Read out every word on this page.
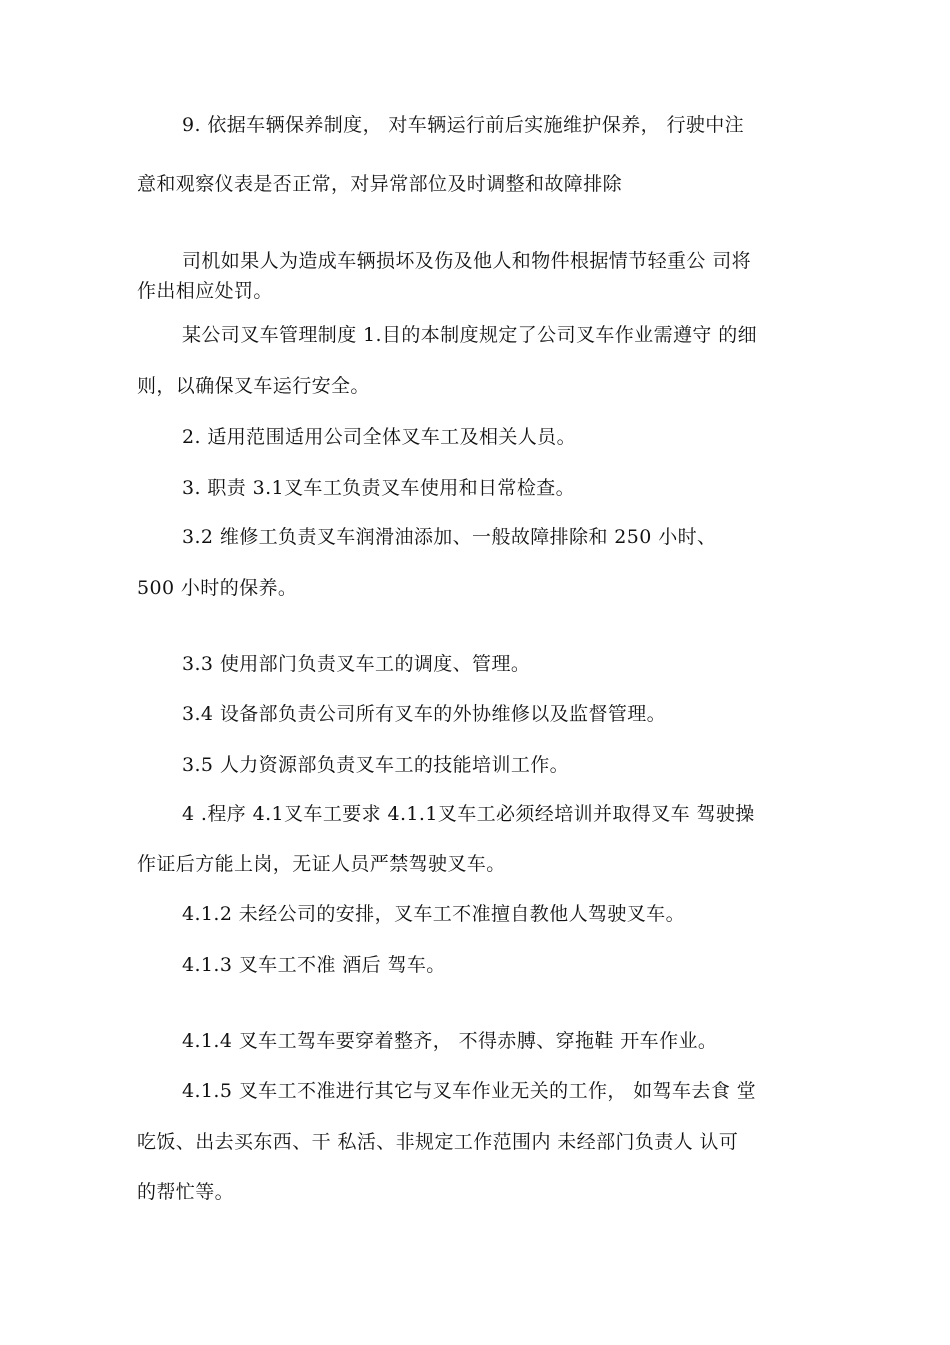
9. 依据车辆保养制度， 对车辆运行前后实施维护保养， 行驶中注
意和观察仪表是否正常，对异常部位及时调整和故障排除
司机如果人为造成车辆损坏及伤及他人和物件根据情节轻重公 司将
作出相应处罚。
某公司叉车管理制度 1.目的本制度规定了公司叉车作业需遵守 的细
则，以确保叉车运行安全。
2. 适用范围适用公司全体叉车工及相关人员。
3. 职责 3.1叉车工负责叉车使用和日常检查。
3.2 维修工负责叉车润滑油添加、一般故障排除和 250 小时、
500 小时的保养。
3.3 使用部门负责叉车工的调度、管理。
3.4 设备部负责公司所有叉车的外协维修以及监督管理。
3.5 人力资源部负责叉车工的技能培训工作。
4 .程序 4.1叉车工要求 4.1.1叉车工必须经培训并取得叉车 驾驶操
作证后方能上岗，无证人员严禁驾驶叉车。
4.1.2 未经公司的安排，叉车工不准擅自教他人驾驶叉车。
4.1.3 叉车工不准 酒后 驾车。
4.1.4 叉车工驾车要穿着整齐， 不得赤膊、穿拖鞋 开车作业。
4.1.5 叉车工不准进行其它与叉车作业无关的工作， 如驾车去食 堂
吃饭、出去买东西、干 私活、非规定工作范围内 未经部门负责人 认可
的帮忙等。
